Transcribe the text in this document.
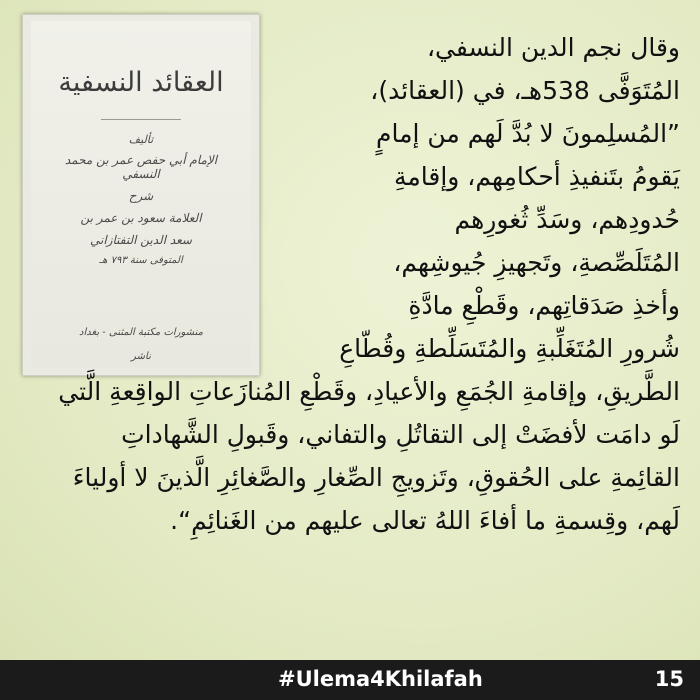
العقائد النسفية
تأليف
الإمام أبي حفص عمر بن محمد النسفي
شرح
العلامة سعود بن عمر بن
سعد الدين التفتازاني
المتوفى سنة ٧٩٣ هـ
منشورات مكتبة المثنى - بغداد
ناشر
وقال نجم الدين النسفي،
المُتَوَفَّى 538هـ، في (العقائد)،
”المُسلِمونَ لا بُدَّ لَهم من إمامٍ
يَقومُ بتَنفيذِ أحكامِهم، وإقامةِ
حُدودِهم، وسَدِّ ثُغورِهم
المُتَلَصِّصةِ، وتَجهيزِ جُيوشِهم،
وأخذِ صَدَقاتِهم، وقَطْعِ مادَّةِ
شُرورِ المُتَغَلِّبةِ والمُتَسَلِّطةِ وقُطّاعِ
الطَّريقِ، وإقامةِ الجُمَعِ والأعيادِ، وقَطْعِ المُنازَعاتِ الواقِعةِ الَّتي
لَو دامَت لأفضَتْ إلى التقاتُلِ والتفاني، وقَبولِ الشَّهاداتِ
القائِمةِ على الحُقوقِ، وتَزويجِ الصِّغارِ والصَّغائِرِ الَّذينَ لا أولياءَ
لَهم، وقِسمةِ ما أفاءَ اللهُ تعالى عليهم من الغَنائِمِ“.
#Ulema4Khilafah	15
